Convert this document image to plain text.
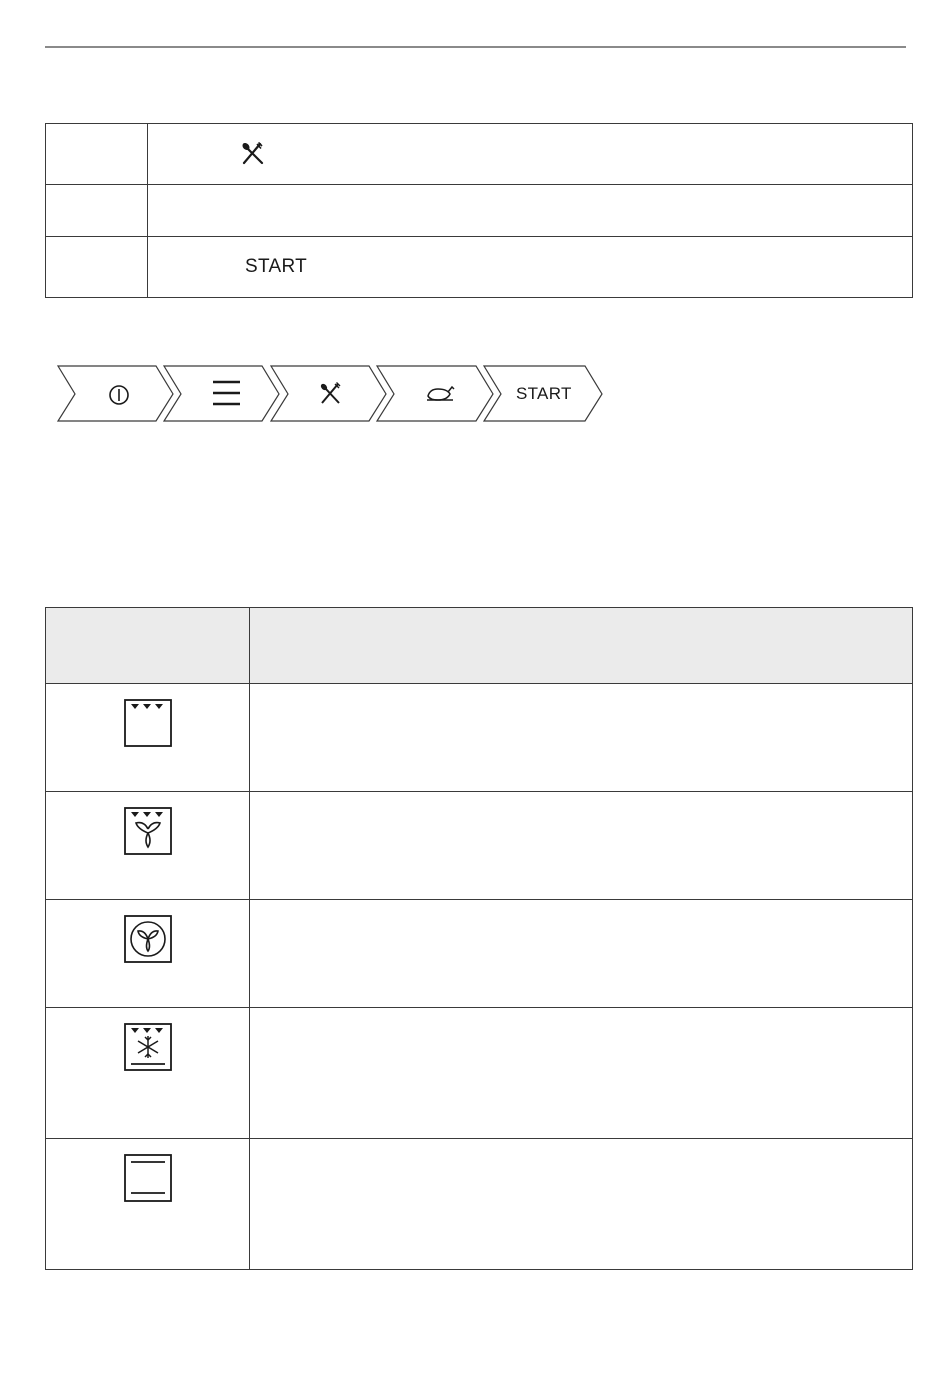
	START
START
